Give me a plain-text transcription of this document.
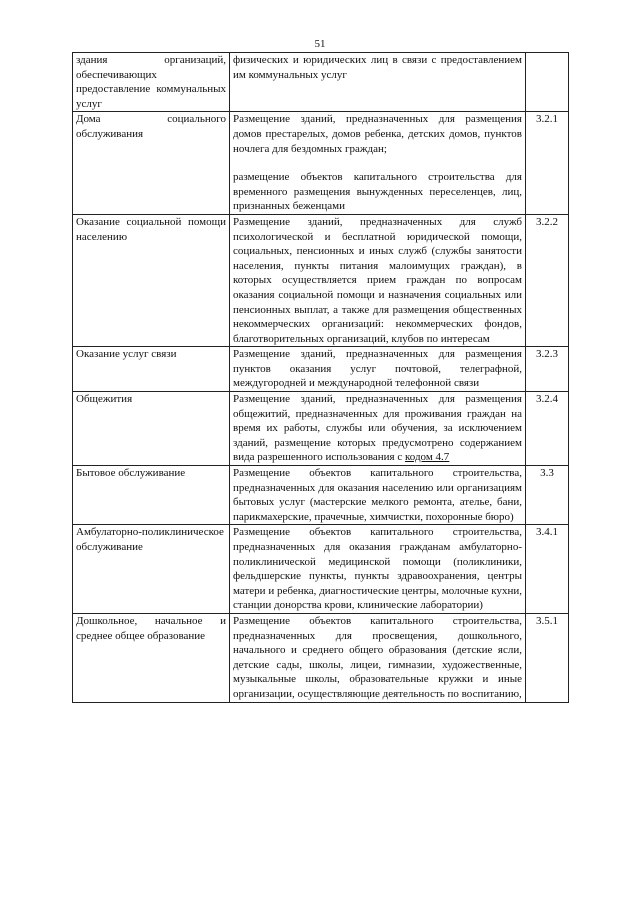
51
здания организаций, обеспечивающих предоставление коммунальных услуг	физических и юридических лиц в связи с предоставлением им коммунальных услуг	

Дома социального обслуживания	Размещение зданий, предназначенных для размещения домов престарелых, домов ребенка, детских домов, пунктов ночлега для бездомных граждан;

размещение объектов капитального строительства для временного размещения вынужденных переселенцев, лиц, признанных беженцами	3.2.1
Оказание социальной помощи населению	Размещение зданий, предназначенных для служб психологической и бесплатной юридической помощи, социальных, пенсионных и иных служб (службы занятости населения, пункты питания малоимущих граждан), в которых осуществляется прием граждан по вопросам оказания социальной помощи и назначения социальных или пенсионных выплат, а также для размещения общественных некоммерческих организаций: некоммерческих фондов, благотворительных организаций, клубов по интересам	3.2.2
Оказание услуг связи	Размещение зданий, предназначенных для размещения пунктов оказания услуг почтовой, телеграфной, междугородней и международной телефонной связи	3.2.3
Общежития	Размещение зданий, предназначенных для размещения общежитий, предназначенных для проживания граждан на время их работы, службы или обучения, за исключением зданий, размещение которых предусмотрено содержанием вида разрешенного использования с кодом 4.7	3.2.4
Бытовое обслуживание	Размещение объектов капитального строительства, предназначенных для оказания населению или организациям бытовых услуг (мастерские мелкого ремонта, ателье, бани, парикмахерские, прачечные, химчистки, похоронные бюро)	3.3
Амбулаторно-поликлиническое обслуживание	Размещение объектов капитального строительства, предназначенных для оказания гражданам амбулаторно-поликлинической медицинской помощи (поликлиники, фельдшерские пункты, пункты здравоохранения, центры матери и ребенка, диагностические центры, молочные кухни, станции донорства крови, клинические лаборатории)	3.4.1
Дошкольное, начальное и среднее общее образование	Размещение объектов капитального строительства, предназначенных для просвещения, дошкольного, начального и среднего общего образования (детские ясли, детские сады, школы, лицеи, гимназии, художественные, музыкальные школы, образовательные кружки и иные организации, осуществляющие деятельность по воспитанию,	3.5.1
